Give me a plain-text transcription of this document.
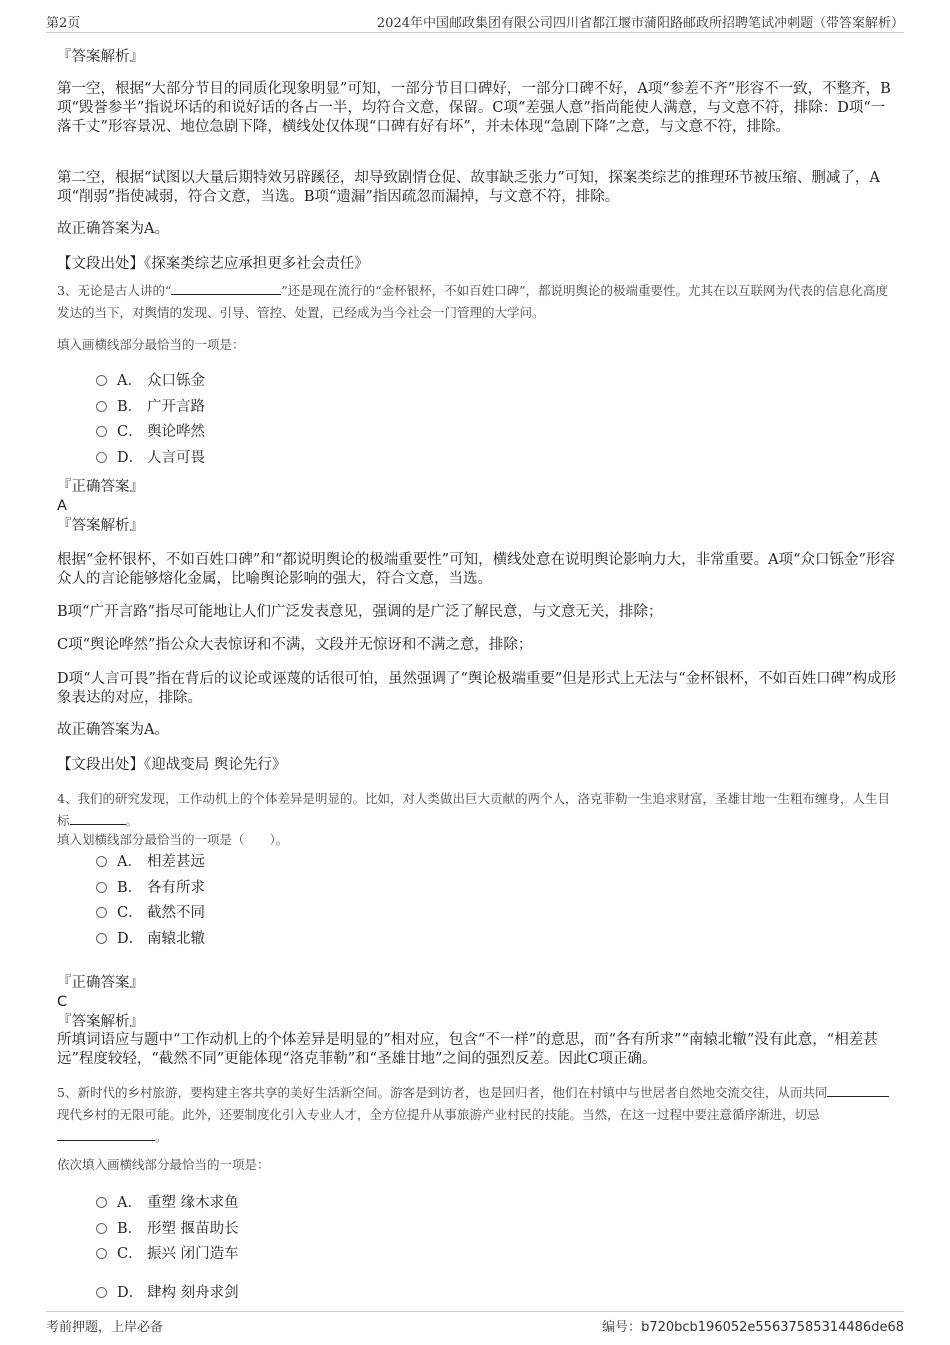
第2页	2024年中国邮政集团有限公司四川省都江堰市蒲阳路邮政所招聘笔试冲刺题（带答案解析）

『答案解析』

第一空，根据“大部分节目的同质化现象明显”可知，一部分节目口碑好，一部分口碑不好，A项“参差不齐”形容不一致，不整齐，B项“毁誉参半”指说坏话的和说好话的各占一半，均符合文意，保留。C项“差强人意”指尚能使人满意，与文意不符，排除：D项“一落千丈”形容景况、地位急剧下降，横线处仅体现“口碑有好有坏”，并未体现“急剧下降”之意，与文意不符，排除。

第二空，根据“试图以大量后期特效另辟蹊径，却导致剧情仓促、故事缺乏张力”可知，探案类综艺的推理环节被压缩、删减了，A项“削弱”指使减弱，符合文意，当选。B项“遗漏”指因疏忽而漏掉，与文意不符，排除。

故正确答案为A。

【文段出处】《探案类综艺应承担更多社会责任》

3、无论是古人讲的“	”还是现在流行的“金杯银杯，不如百姓口碑”，都说明舆论的极端重要性。尤其在以互联网为代表的信息化高度发达的当下，对舆情的发现、引导、管控、处置，已经成为当今社会一门管理的大学问。

填入画横线部分最恰当的一项是：

A． 众口铄金
B． 广开言路
C． 舆论哗然
D． 人言可畏

『正确答案』

A

『答案解析』

根据“金杯银杯，不如百姓口碑”和“都说明舆论的极端重要性”可知，横线处意在说明舆论影响力大，非常重要。A项“众口铄金”形容众人的言论能够熔化金属，比喻舆论影响的强大，符合文意，当选。

B项“广开言路”指尽可能地让人们广泛发表意见，强调的是广泛了解民意，与文意无关，排除；

C项“舆论哗然”指公众大表惊讶和不满，文段并无惊讶和不满之意，排除；

D项“人言可畏”指在背后的议论或诬蔑的话很可怕，虽然强调了“舆论极端重要”但是形式上无法与“金杯银杯，不如百姓口碑”构成形象表达的对应，排除。

故正确答案为A。

【文段出处】《迎战变局 舆论先行》

4、我们的研究发现，工作动机上的个体差异是明显的。比如，对人类做出巨大贡献的两个人，洛克菲勒一生追求财富，圣雄甘地一生粗布缠身，人生目标	。

填入划横线部分最恰当的一项是（　　）。

A． 相差甚远
B． 各有所求
C． 截然不同
D． 南辕北辙

『正确答案』

C

『答案解析』

所填词语应与题中“工作动机上的个体差异是明显的”相对应，包含“不一样”的意思，而“各有所求”“南辕北辙”没有此意，“相差甚远”程度较轻，“截然不同”更能体现“洛克菲勒”和“圣雄甘地”之间的强烈反差。因此C项正确。

5、新时代的乡村旅游，要构建主客共享的美好生活新空间。游客是到访者，也是回归者，他们在村镇中与世居者自然地交流交往，从而共同现代乡村的无限可能。此外，还要制度化引入专业人才，全方位提升从事旅游产业村民的技能。当然，在这一过程中要注意循序渐进，切忌。

依次填入画横线部分最恰当的一项是：

A． 重塑 缘木求鱼
B． 形塑 揠苗助长
C． 振兴 闭门造车
D． 肆构 刻舟求剑
考前押题，上岸必备	编号：b720bcb196052e55637585314486de68
